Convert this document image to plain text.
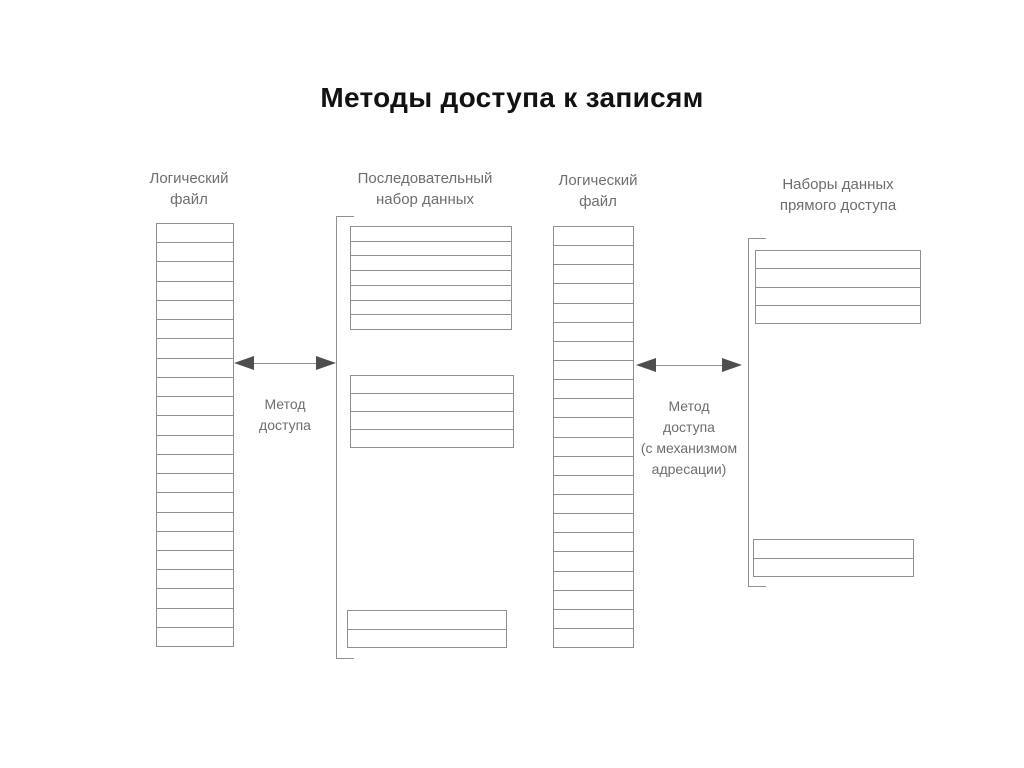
Методы доступа к записям
Логический
файл
Метод
доступа
Последовательный
набор данных
Логический
файл
Метод
доступа
(с механизмом
адресации)
Наборы данных
прямого доступа
